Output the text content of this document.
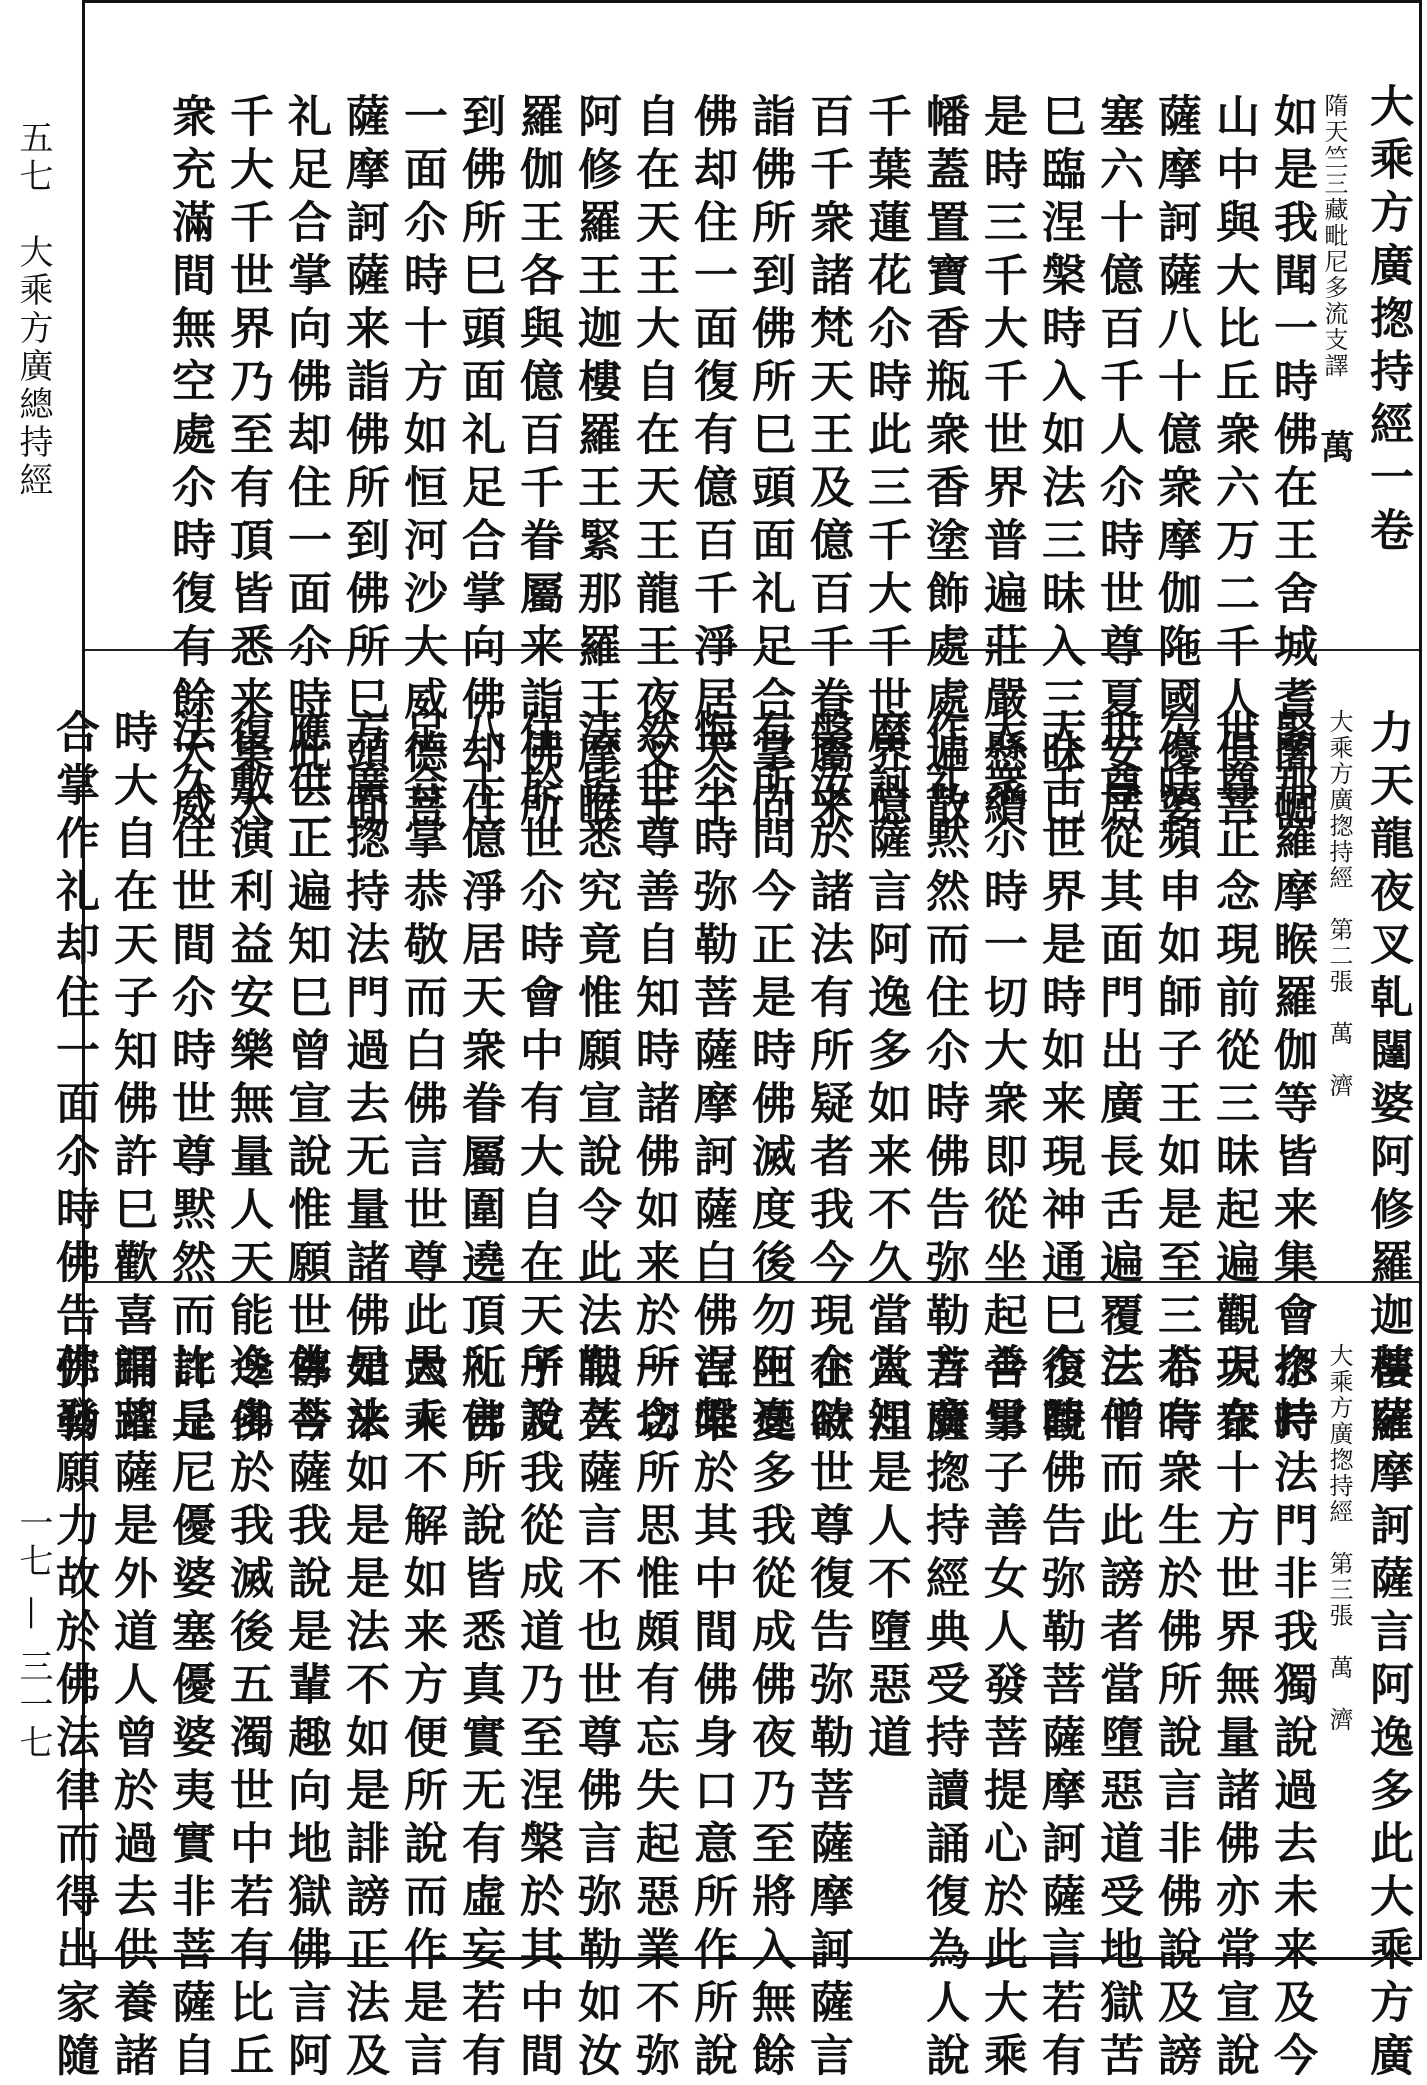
五七　大乘方廣總持經
一七 — 三一七
大乘方廣揔持經一卷 隋天竺三藏毗尼多流支譯 萬 如是我聞一時佛在王舍城耆闍崛 山中與大比丘衆六万二千人俱菩 薩摩訶薩八十億衆摩伽陁國優婆 塞六十億百千人尒時世尊夏安居 巳臨涅槃時入如法三昧入三昧巳 是時三千大千世界普遍莊嚴懸繒 幡蓋置寶香瓶衆香塗飾處處遍散 千葉蓮花尒時此三千大千世界億 百千衆諸梵天王及億百千眷屬来 詣佛所到佛所巳頭面礼足合掌向 佛却住一面復有億百千淨居天子 自在天王大自在天王龍王夜叉王 阿修羅王迦樓羅王緊那羅王摩睺 羅伽王各與億百千眷屬来詣佛所 到佛所巳頭面礼足合掌向佛却住 一面尒時十方如恒河沙大威德菩 薩摩訶薩来詣佛所到佛所巳頭面 礼足合掌向佛却住一面尒時此三 千大千世界乃至有頂皆悉来集大 衆充滿間無空處尒時復有餘大威
力天龍夜叉乹闥婆阿修羅迦樓羅 大乘方廣揔持經　第二張　萬　濟 緊那羅摩睺羅伽等皆来集會尒時 世尊正念現前從三昧起遍觀大衆 欠呿頻申如師子王如是至三尒時 世尊從其面門出廣長舌遍覆三千 大千世界是時如来現神通巳復觀 大衆尒時一切大衆即從坐起合掌 作礼黙然而住尒時佛告弥勒菩薩 摩訶薩言阿逸多如来不久當入涅 槃汝於諸法有所疑者我今現在欲 有所問今正是時佛滅度後勿生憂 悔尒時弥勒菩薩摩訶薩白佛言唯 然世尊善自知時諸佛如来於一切 法皆悉究竟惟願宣說令此法眼久 住於世尒時會中有大自在天子及 八十億淨居天衆眷屬圍遶頂礼佛 足合掌恭敬而白佛言世尊此大乘 方廣揔持法門過去无量諸佛如来 應供正遍知巳曾宣說惟願世尊今 復敷演利益安樂無量人天能令佛 法久住世間尒時世尊黙然而許是 時大自在天子知佛許巳歡喜踊躍 合掌作礼却住一面尒時佛告弥勒
菩薩摩訶薩言阿逸多此大乘方廣 大乘方廣揔持經　第三張　萬　濟 揔持法門非我獨說過去未来及今 現在十方世界無量諸佛亦常宣說 若有衆生於佛所說言非佛說及謗 法僧而此謗者當墮惡道受地獄苦 尒時佛告弥勒菩薩摩訶薩言若有 善男子善女人發菩提心於此大乘 方廣揔持經典受持讀誦復為人說 當知是人不墮惡道 尒時世尊復告弥勒菩薩摩訶薩言 阿逸多我從成佛夜乃至將入無餘 涅槃於其中間佛身口意所作所說 所念所思惟頗有忘失起惡業不弥 勒菩薩言不也世尊佛言弥勒如汝 所說我從成道乃至涅槃於其中間 所言所說皆悉真實无有虛妄若有 愚人不解如来方便所說而作是言 是法如是是法不如是誹謗正法及 佛菩薩我說是輩趣向地獄佛言阿 逸多於我滅後五濁世中若有比丘 比丘尼優婆塞優婆夷實非菩薩自 謂菩薩是外道人曾於過去供養諸 佛發願力故於佛法律而得出家隨
